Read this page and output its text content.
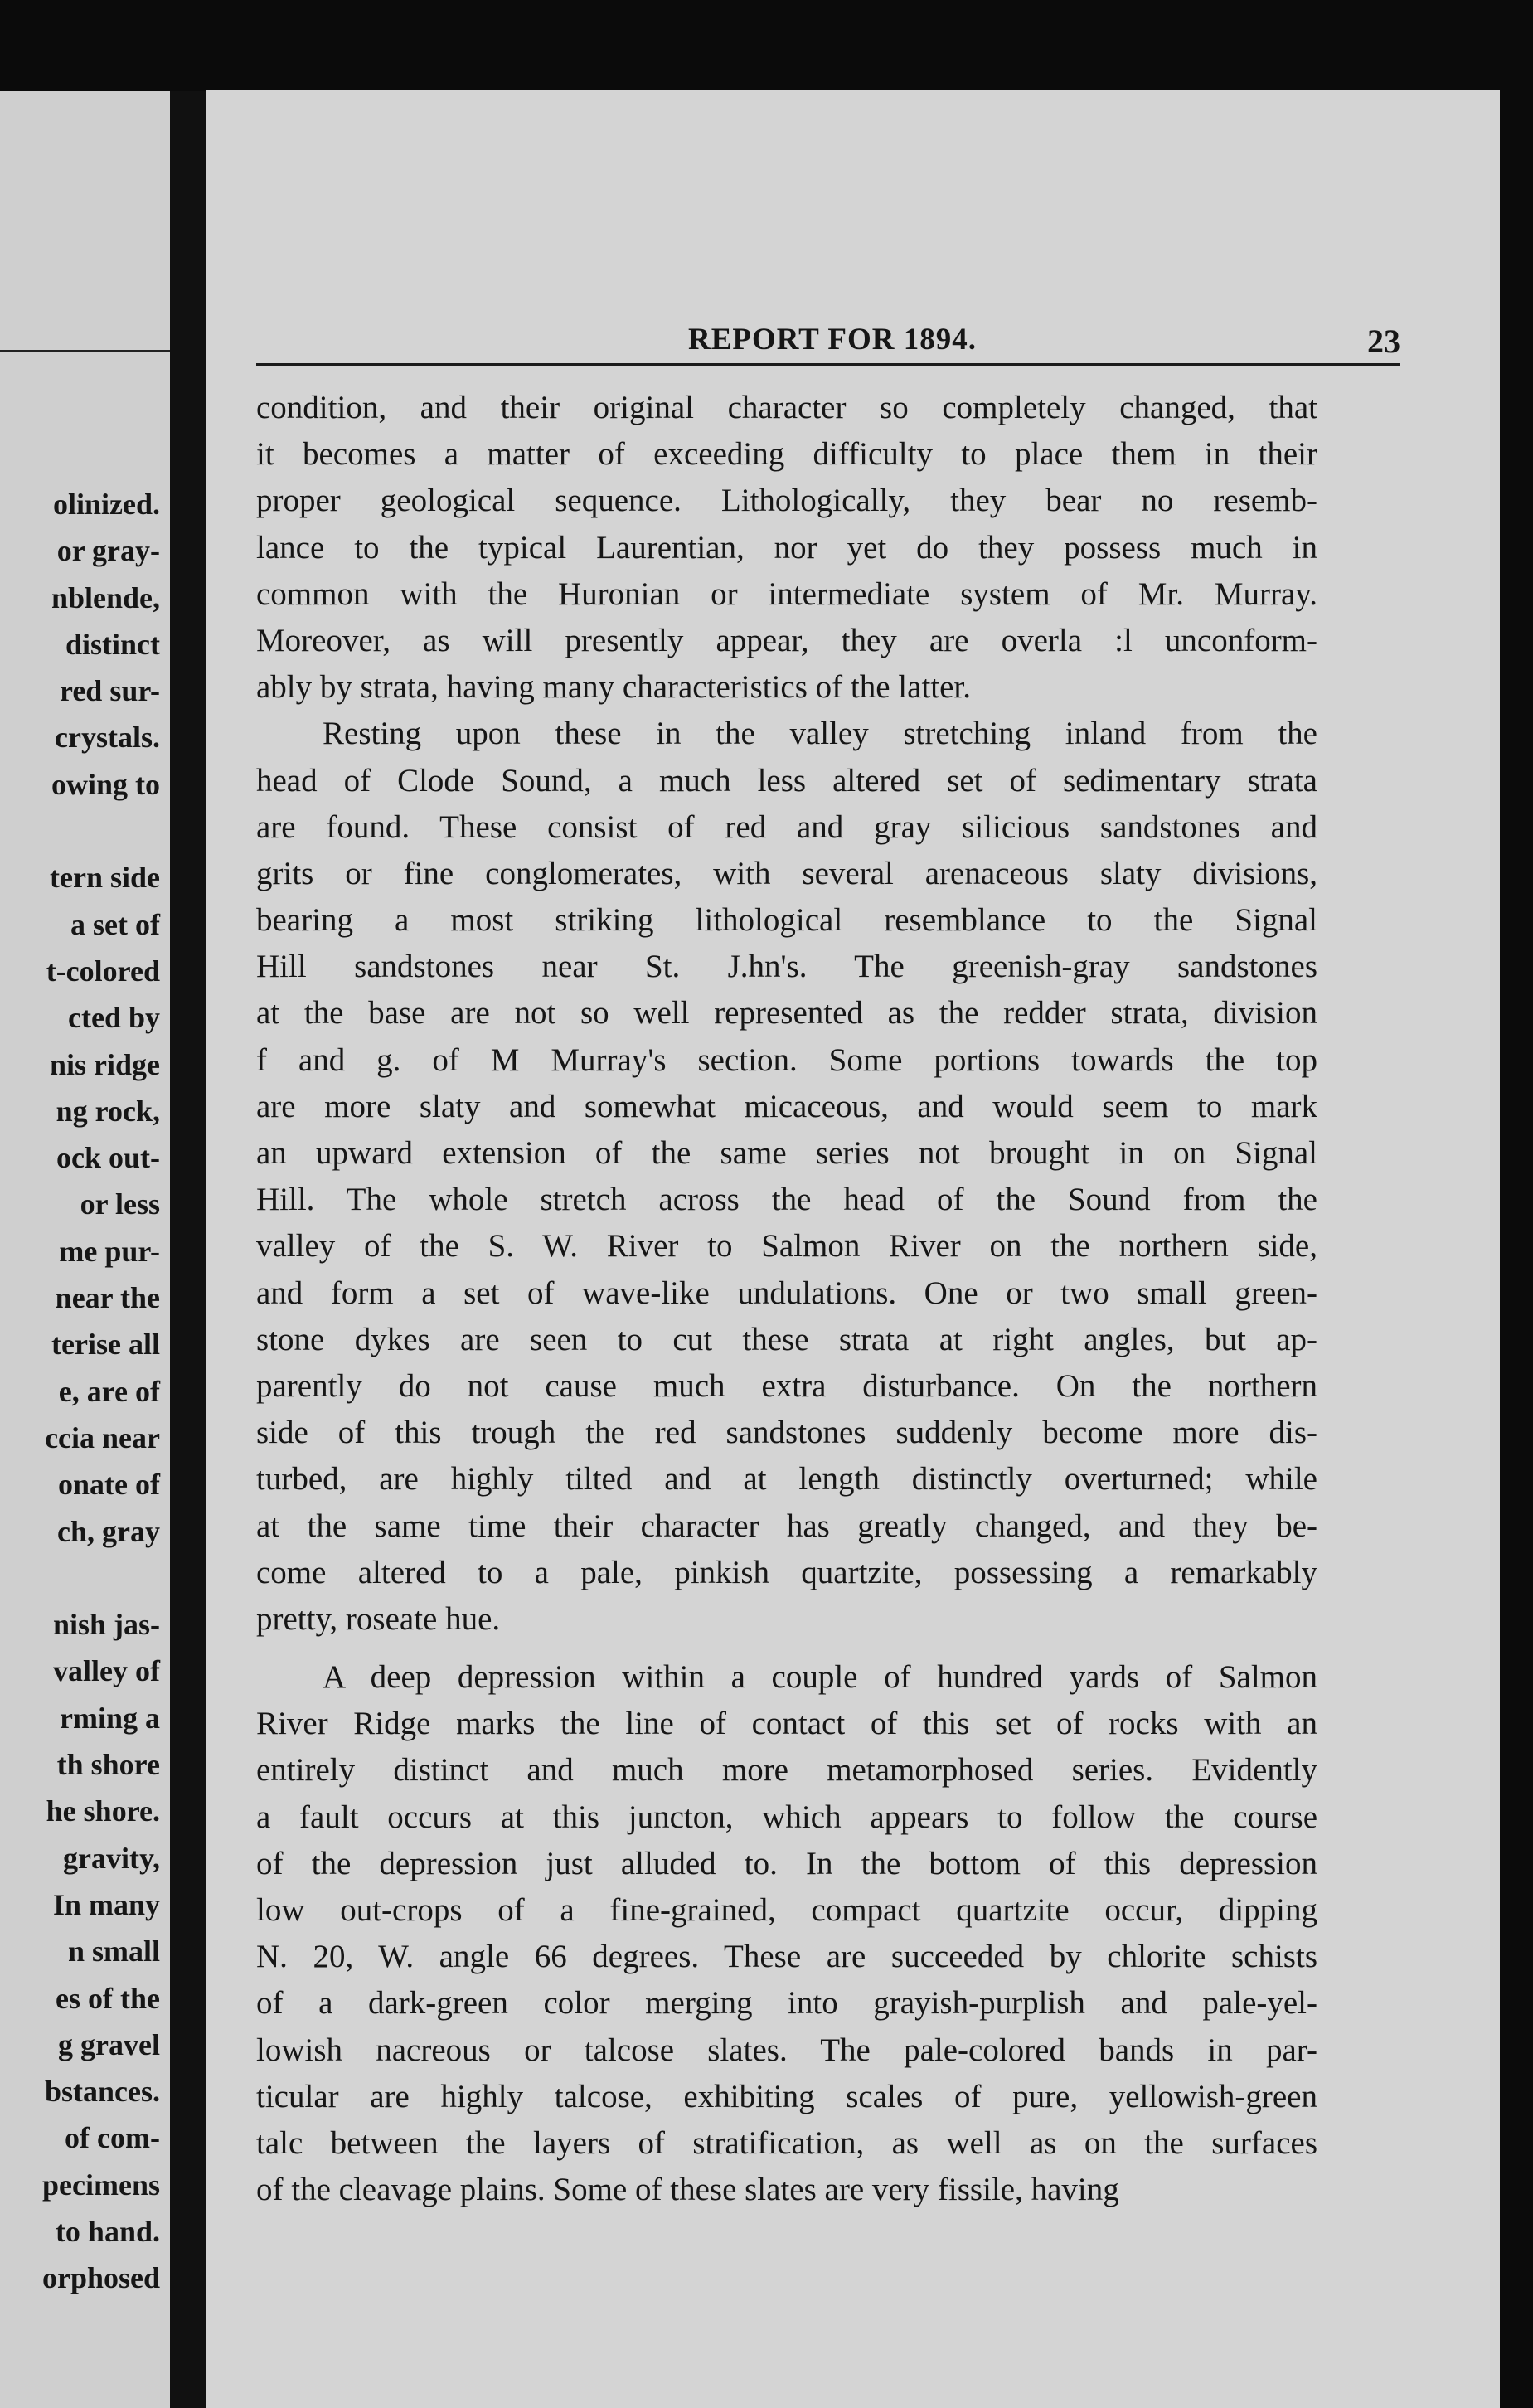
olinized.
or gray-
nblende,
distinct
red sur-
crystals.
owing to
tern side
a set of
t-colored
cted by
nis ridge
ng rock,
ock out-
or less
me pur-
near the
terise all
e, are of
ccia near
onate of
ch, gray
nish jas-
valley of
rming a
th shore
he shore.
gravity,
In many
n small
es of the
g gravel
bstances.
of com-
pecimens
to hand.
orphosed
REPORT FOR 1894.	23
condition, and their original character so completely changed, that
it becomes a matter of exceeding difficulty to place them in their
proper geological sequence. Lithologically, they bear no resemb-
lance to the typical Laurentian, nor yet do they possess much in
common with the Huronian or intermediate system of Mr. Murray.
Moreover, as will presently appear, they are overla :l unconform-
ably by strata, having many characteristics of the latter.
Resting upon these in the valley stretching inland from the
head of Clode Sound, a much less altered set of sedimentary strata
are found. These consist of red and gray silicious sandstones and
grits or fine conglomerates, with several arenaceous slaty divisions,
bearing a most striking lithological resemblance to the Signal
Hill sandstones near St. J.hn's. The greenish-gray sandstones
at the base are not so well represented as the redder strata, division
f and g. of M Murray's section. Some portions towards the top
are more slaty and somewhat micaceous, and would seem to mark
an upward extension of the same series not brought in on Signal
Hill. The whole stretch across the head of the Sound from the
valley of the S. W. River to Salmon River on the northern side,
and form a set of wave-like undulations. One or two small green-
stone dykes are seen to cut these strata at right angles, but ap-
parently do not cause much extra disturbance. On the northern
side of this trough the red sandstones suddenly become more dis-
turbed, are highly tilted and at length distinctly overturned; while
at the same time their character has greatly changed, and they be-
come altered to a pale, pinkish quartzite, possessing a remarkably
pretty, roseate hue.
A deep depression within a couple of hundred yards of Salmon
River Ridge marks the line of contact of this set of rocks with an
entirely distinct and much more metamorphosed series. Evidently
a fault occurs at this juncton, which appears to follow the course
of the depression just alluded to. In the bottom of this depression
low out-crops of a fine-grained, compact quartzite occur, dipping
N. 20, W. angle 66 degrees. These are succeeded by chlorite schists
of a dark-green color merging into grayish-purplish and pale-yel-
lowish nacreous or talcose slates. The pale-colored bands in par-
ticular are highly talcose, exhibiting scales of pure, yellowish-green
talc between the layers of stratification, as well as on the surfaces
of the cleavage plains. Some of these slates are very fissile, having
